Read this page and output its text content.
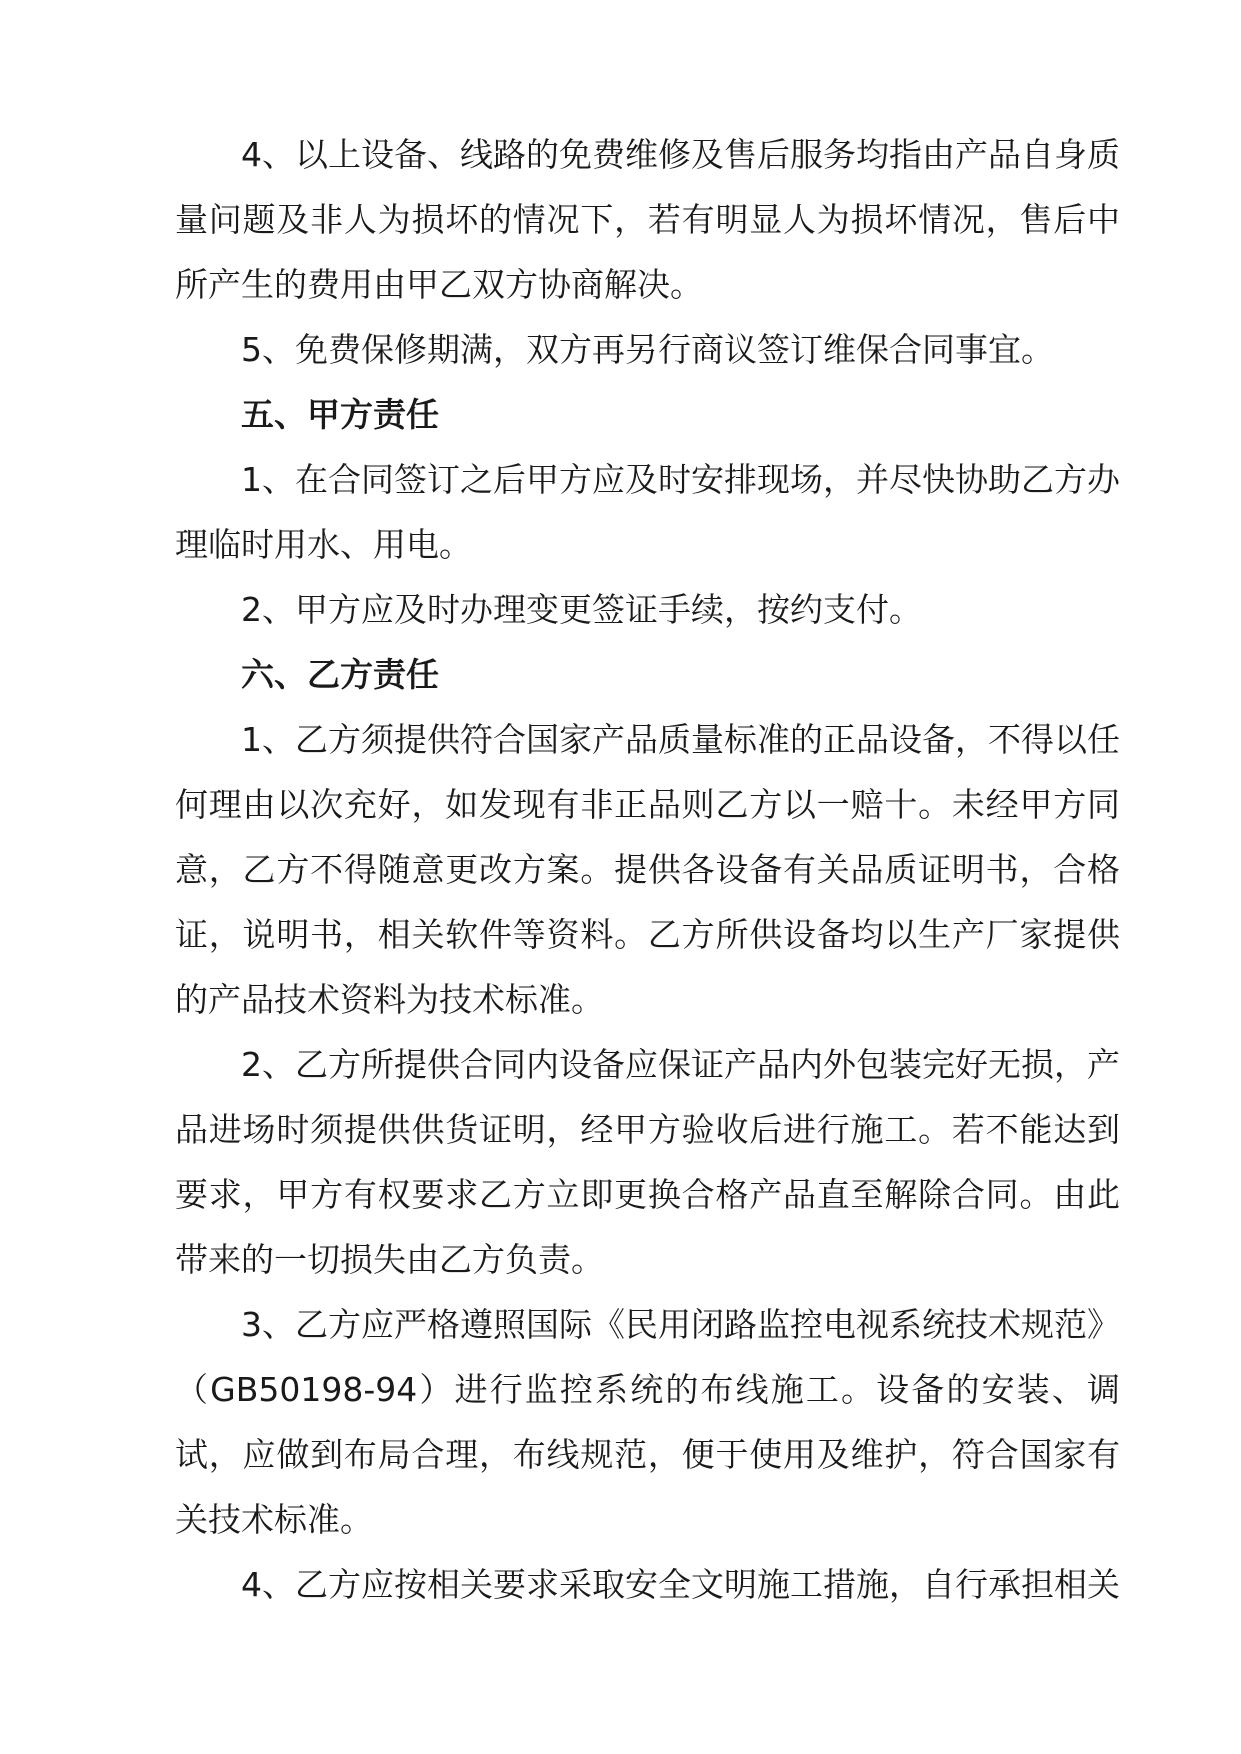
4、以上设备、线路的免费维修及售后服务均指由产品自身质量问题及非人为损坏的情况下，若有明显人为损坏情况，售后中所产生的费用由甲乙双方协商解决。

5、免费保修期满，双方再另行商议签订维保合同事宜。

五、甲方责任

1、在合同签订之后甲方应及时安排现场，并尽快协助乙方办理临时用水、用电。

2、甲方应及时办理变更签证手续，按约支付。

六、乙方责任

1、乙方须提供符合国家产品质量标准的正品设备，不得以任何理由以次充好，如发现有非正品则乙方以一赔十。未经甲方同意，乙方不得随意更改方案。提供各设备有关品质证明书，合格证，说明书，相关软件等资料。乙方所供设备均以生产厂家提供的产品技术资料为技术标准。

2、乙方所提供合同内设备应保证产品内外包装完好无损，产品进场时须提供供货证明，经甲方验收后进行施工。若不能达到要求，甲方有权要求乙方立即更换合格产品直至解除合同。由此带来的一切损失由乙方负责。

3、乙方应严格遵照国际《民用闭路监控电视系统技术规范》（GB50198-94）进行监控系统的布线施工。设备的安装、调试，应做到布局合理，布线规范，便于使用及维护，符合国家有关技术标准。

4、乙方应按相关要求采取安全文明施工措施，自行承担相关
